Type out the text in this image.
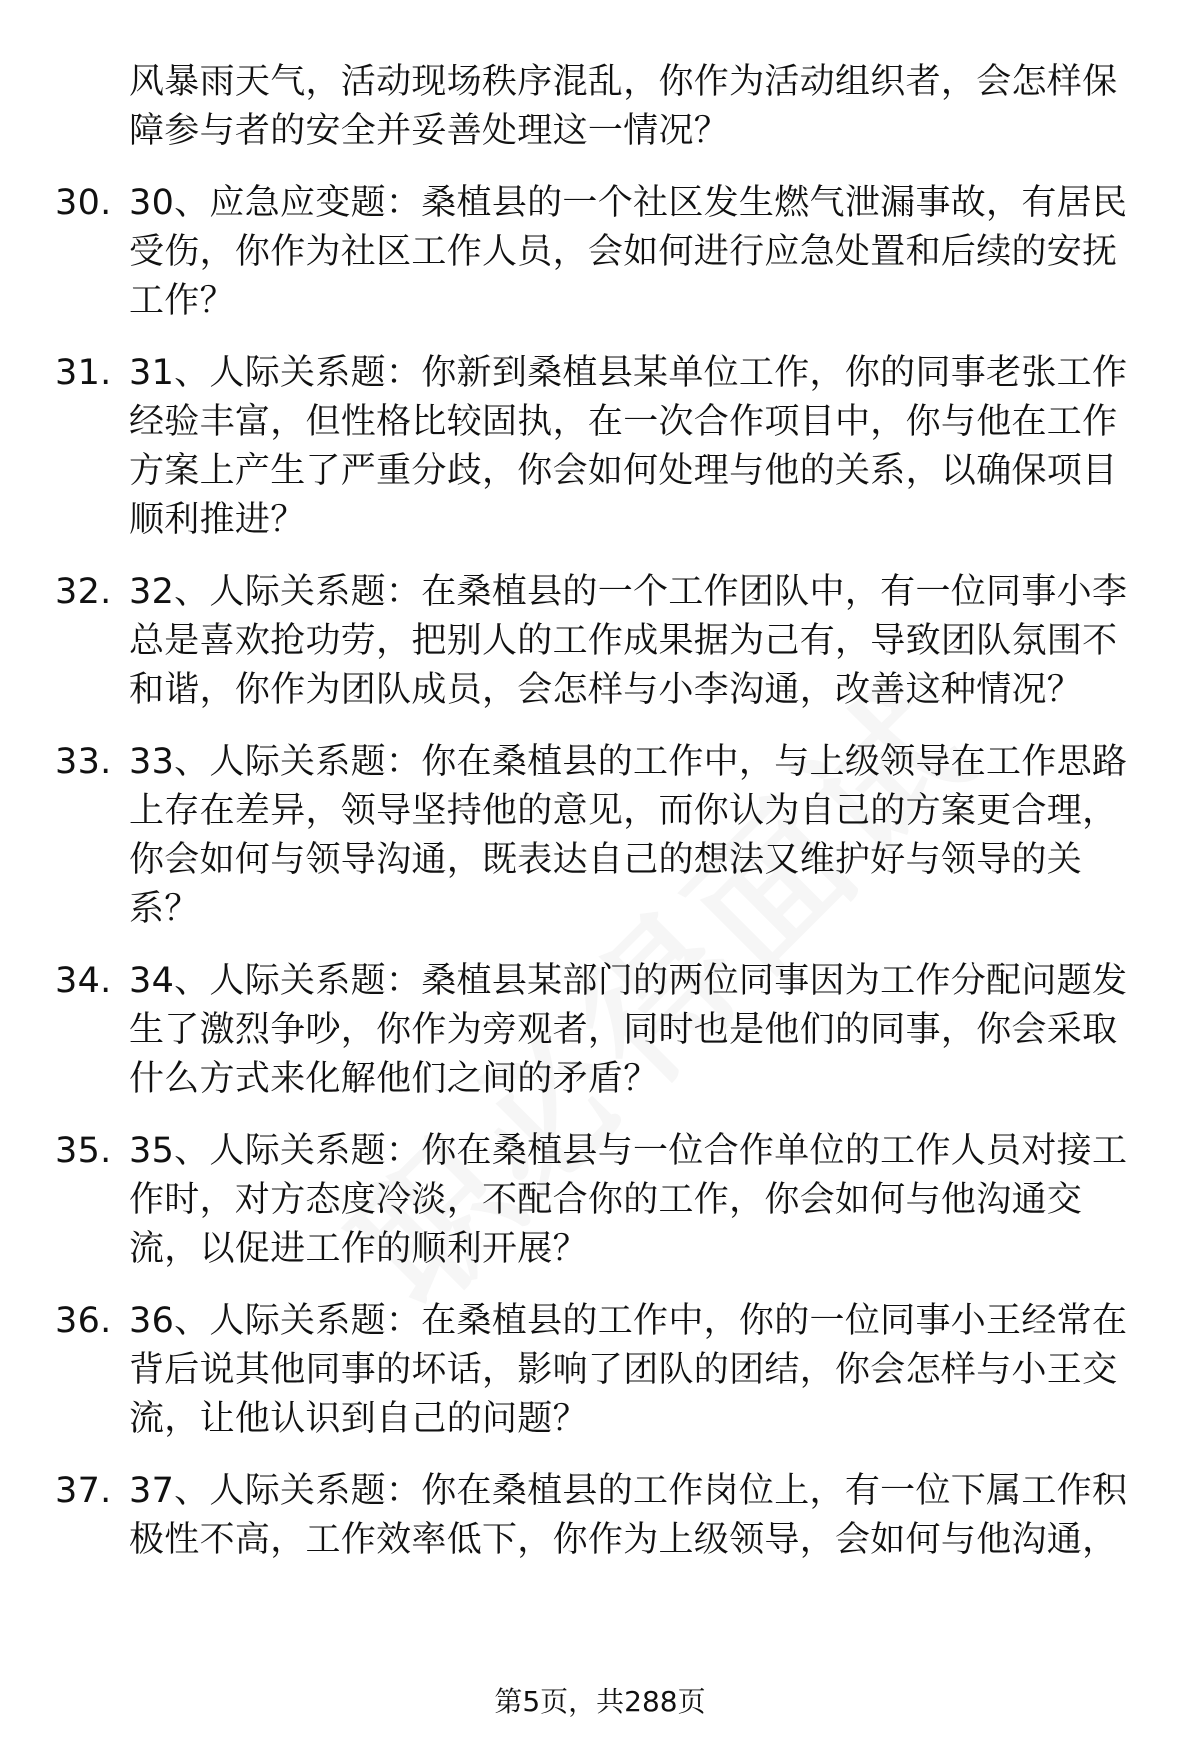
风暴雨天气，活动现场秩序混乱，你作为活动组织者，会怎样保障参与者的安全并妥善处理这一情况？
30. 30、应急应变题：桑植县的一个社区发生燃气泄漏事故，有居民受伤，你作为社区工作人员，会如何进行应急处置和后续的安抚工作？
31. 31、人际关系题：你新到桑植县某单位工作，你的同事老张工作经验丰富，但性格比较固执，在一次合作项目中，你与他在工作方案上产生了严重分歧，你会如何处理与他的关系，以确保项目顺利推进？
32. 32、人际关系题：在桑植县的一个工作团队中，有一位同事小李总是喜欢抢功劳，把别人的工作成果据为己有，导致团队氛围不和谐，你作为团队成员，会怎样与小李沟通，改善这种情况？
33. 33、人际关系题：你在桑植县的工作中，与上级领导在工作思路上存在差异，领导坚持他的意见，而你认为自己的方案更合理，你会如何与领导沟通，既表达自己的想法又维护好与领导的关系？
34. 34、人际关系题：桑植县某部门的两位同事因为工作分配问题发生了激烈争吵，你作为旁观者，同时也是他们的同事，你会采取什么方式来化解他们之间的矛盾？
35. 35、人际关系题：你在桑植县与一位合作单位的工作人员对接工作时，对方态度冷淡，不配合你的工作，你会如何与他沟通交流，以促进工作的顺利开展？
36. 36、人际关系题：在桑植县的工作中，你的一位同事小王经常在背后说其他同事的坏话，影响了团队的团结，你会怎样与小王交流，让他认识到自己的问题？
37. 37、人际关系题：你在桑植县的工作岗位上，有一位下属工作积极性不高，工作效率低下，你作为上级领导，会如何与他沟通，
第5页，共288页
